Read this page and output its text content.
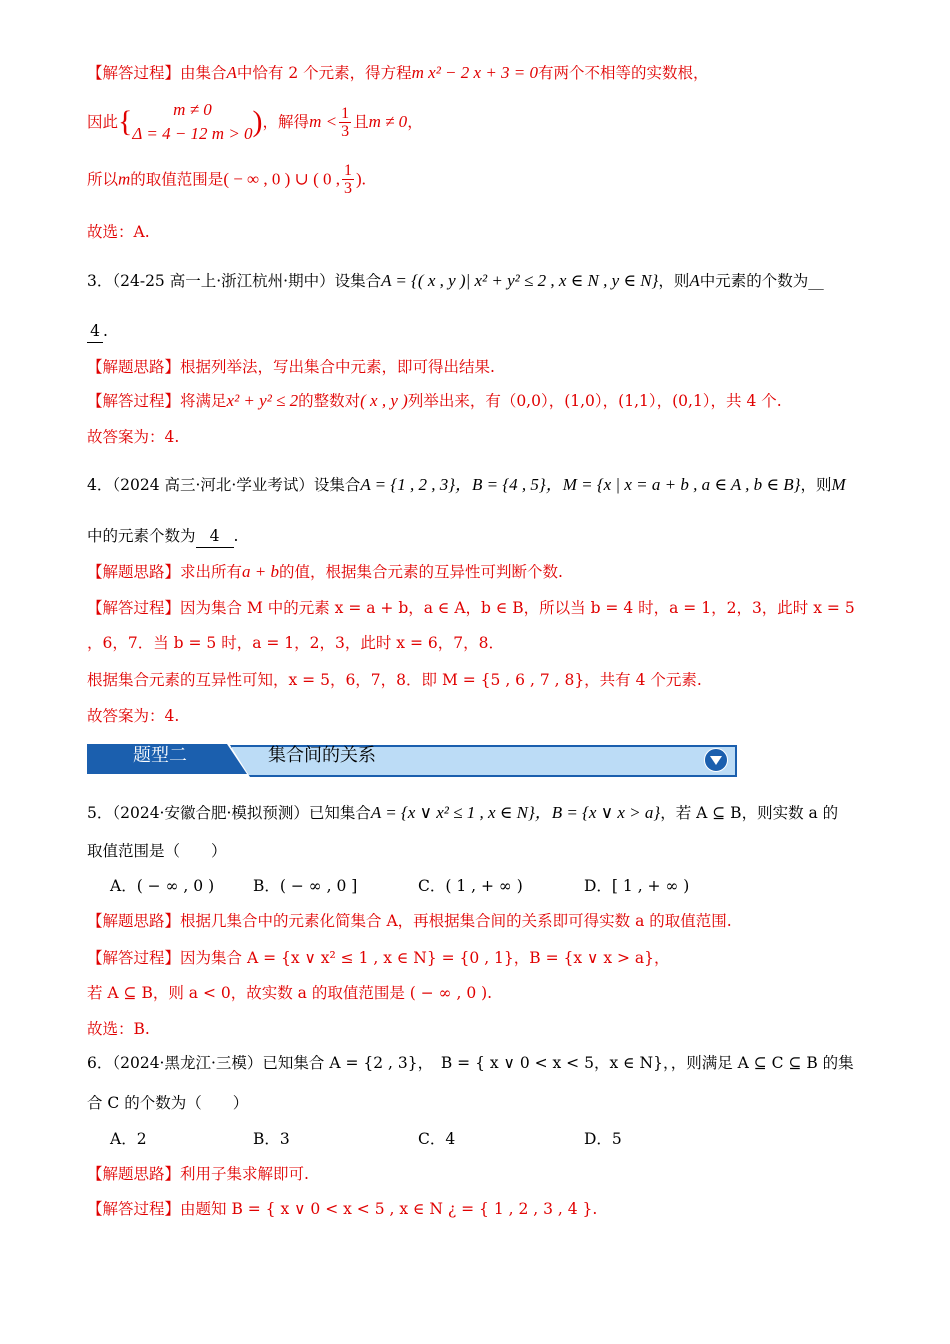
【解答过程】由集合A中恰有 2 个元素，得方程m x² − 2 x + 3 = 0有两个不相等的实数根，
因此{	m ≠ 0
Δ = 4 − 12 m > 0 )，解得$m < \frac{1}{3}$ 且m ≠ 0，
所以m的取值范围是( − ∞ , 0 ) ∪ ( 0 , $\frac{1}{3}$ ).
故选：A.
3．（24-25 高一上·浙江杭州·期中）设集合A = {( x , y )| x² + y² ≤ 2 , x ∈ N , y ∈ N}，则A中元素的个数为__
4 .
【解题思路】根据列举法，写出集合中元素，即可得出结果.
【解答过程】将满足x² + y² ≤ 2的整数对( x , y )列举出来，有（0,0），(1,0），(1,1），(0,1），共 4 个.
故答案为：4.
4．（2024 高三·河北·学业考试）设集合A = {1 , 2 , 3}，B = {4 , 5}，M = {x | x = a + b , a ∈ A , b ∈ B}，则M
中的元素个数为 4 .
【解题思路】求出所有a + b的值，根据集合元素的互异性可判断个数.
【解答过程】因为集合 M 中的元素 x = a + b，a ∈ A，b ∈ B，所以当 b = 4 时，a = 1，2，3，此时 x = 5
，6，7．当 b = 5 时，a = 1，2，3，此时 x = 6，7，8．
根据集合元素的互异性可知，x = 5，6，7，8．即 M = {5 , 6 , 7 , 8}，共有 4 个元素.
故答案为：4.
题型二	集合间的关系
5．（2024·安徽合肥·模拟预测）已知集合A = {x ∨ x² ≤ 1 , x ∈ N}，B = {x ∨ x > a}，若 A ⊆ B，则实数 a 的
取值范围是（　　）
A．( − ∞ , 0 )	B．( − ∞ , 0 ]	C．( 1 , + ∞ )	D．[ 1 , + ∞ )
【解题思路】根据几集合中的元素化简集合 A，再根据集合间的关系即可得实数 a 的取值范围.
【解答过程】因为集合 A = {x ∨ x² ≤ 1 , x ∈ N} = {0 , 1}，B = {x ∨ x > a}，
若 A ⊆ B，则 a < 0，故实数 a 的取值范围是 ( − ∞ , 0 ).
故选：B.
6．（2024·黑龙江·三模）已知集合 A = {2 , 3}，　B = { x ∨ 0 < x < 5，x ∈ N}，，则满足 A ⊆ C ⊆ B 的集
合 C 的个数为（　　）
A．2	B．3	C．4	D．5
【解题思路】利用子集求解即可.
【解答过程】由题知 B = { x ∨ 0 < x < 5 , x ∈ N ¿ = { 1 , 2 , 3 , 4 }.
